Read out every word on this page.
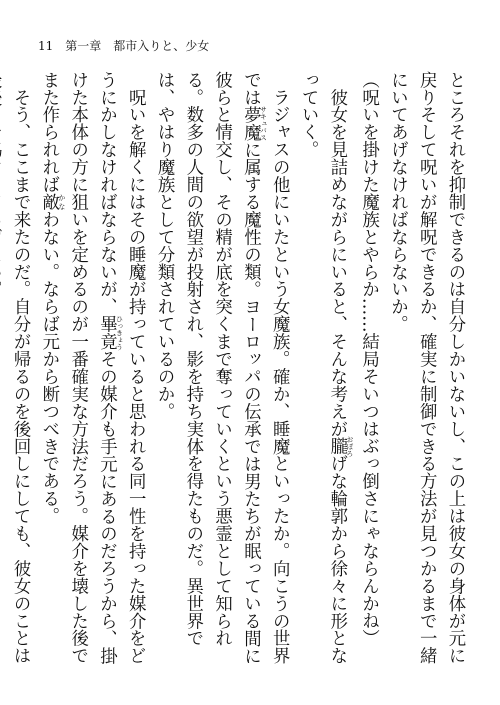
11 第一章　都市入りと、少女

ところそれを抑制できるのは自分しかいないし、この上は彼女の身体が元に戻りそして呪いが解呪できるか、確実に制御できる方法が見つかるまで一緒にいてあげなければならないか。

（呪いを掛けた魔族とやらか……結局そいつはぶっ倒さにゃならんかね）

　彼女を見詰めながらにいると、そんな考えが朧 おぼろげな輪郭から徐々に形となっていく。

　ラジャスの他にいたという女魔族。確か、睡魔といったか。向こうの世界では夢魔 サキュバスに属する魔性の類。ヨーロッパの伝承では男たちが眠っている間に彼らと情交し、その精が底を突くまで奪っていくという悪霊として知られる。数多の人間の欲望が投射され、影を持ち実体を得たものだ。異世界では、やはり魔族として分類されているのか。

　呪いを解くにはその睡魔が持っていると思われる同一性を持った媒介をどうにかしなければならないが、畢竟 ひっきょうその媒介も手元にあるのだろうから、掛けた本体の方に狙いを定めるのが一番確実な方法だろう。媒介を壊した後でまた作られれば敵 かなわない。ならば元から断つべきである。

　そう、ここまで来たのだ。自分が帰るのを後回しにしても、彼女のことは
